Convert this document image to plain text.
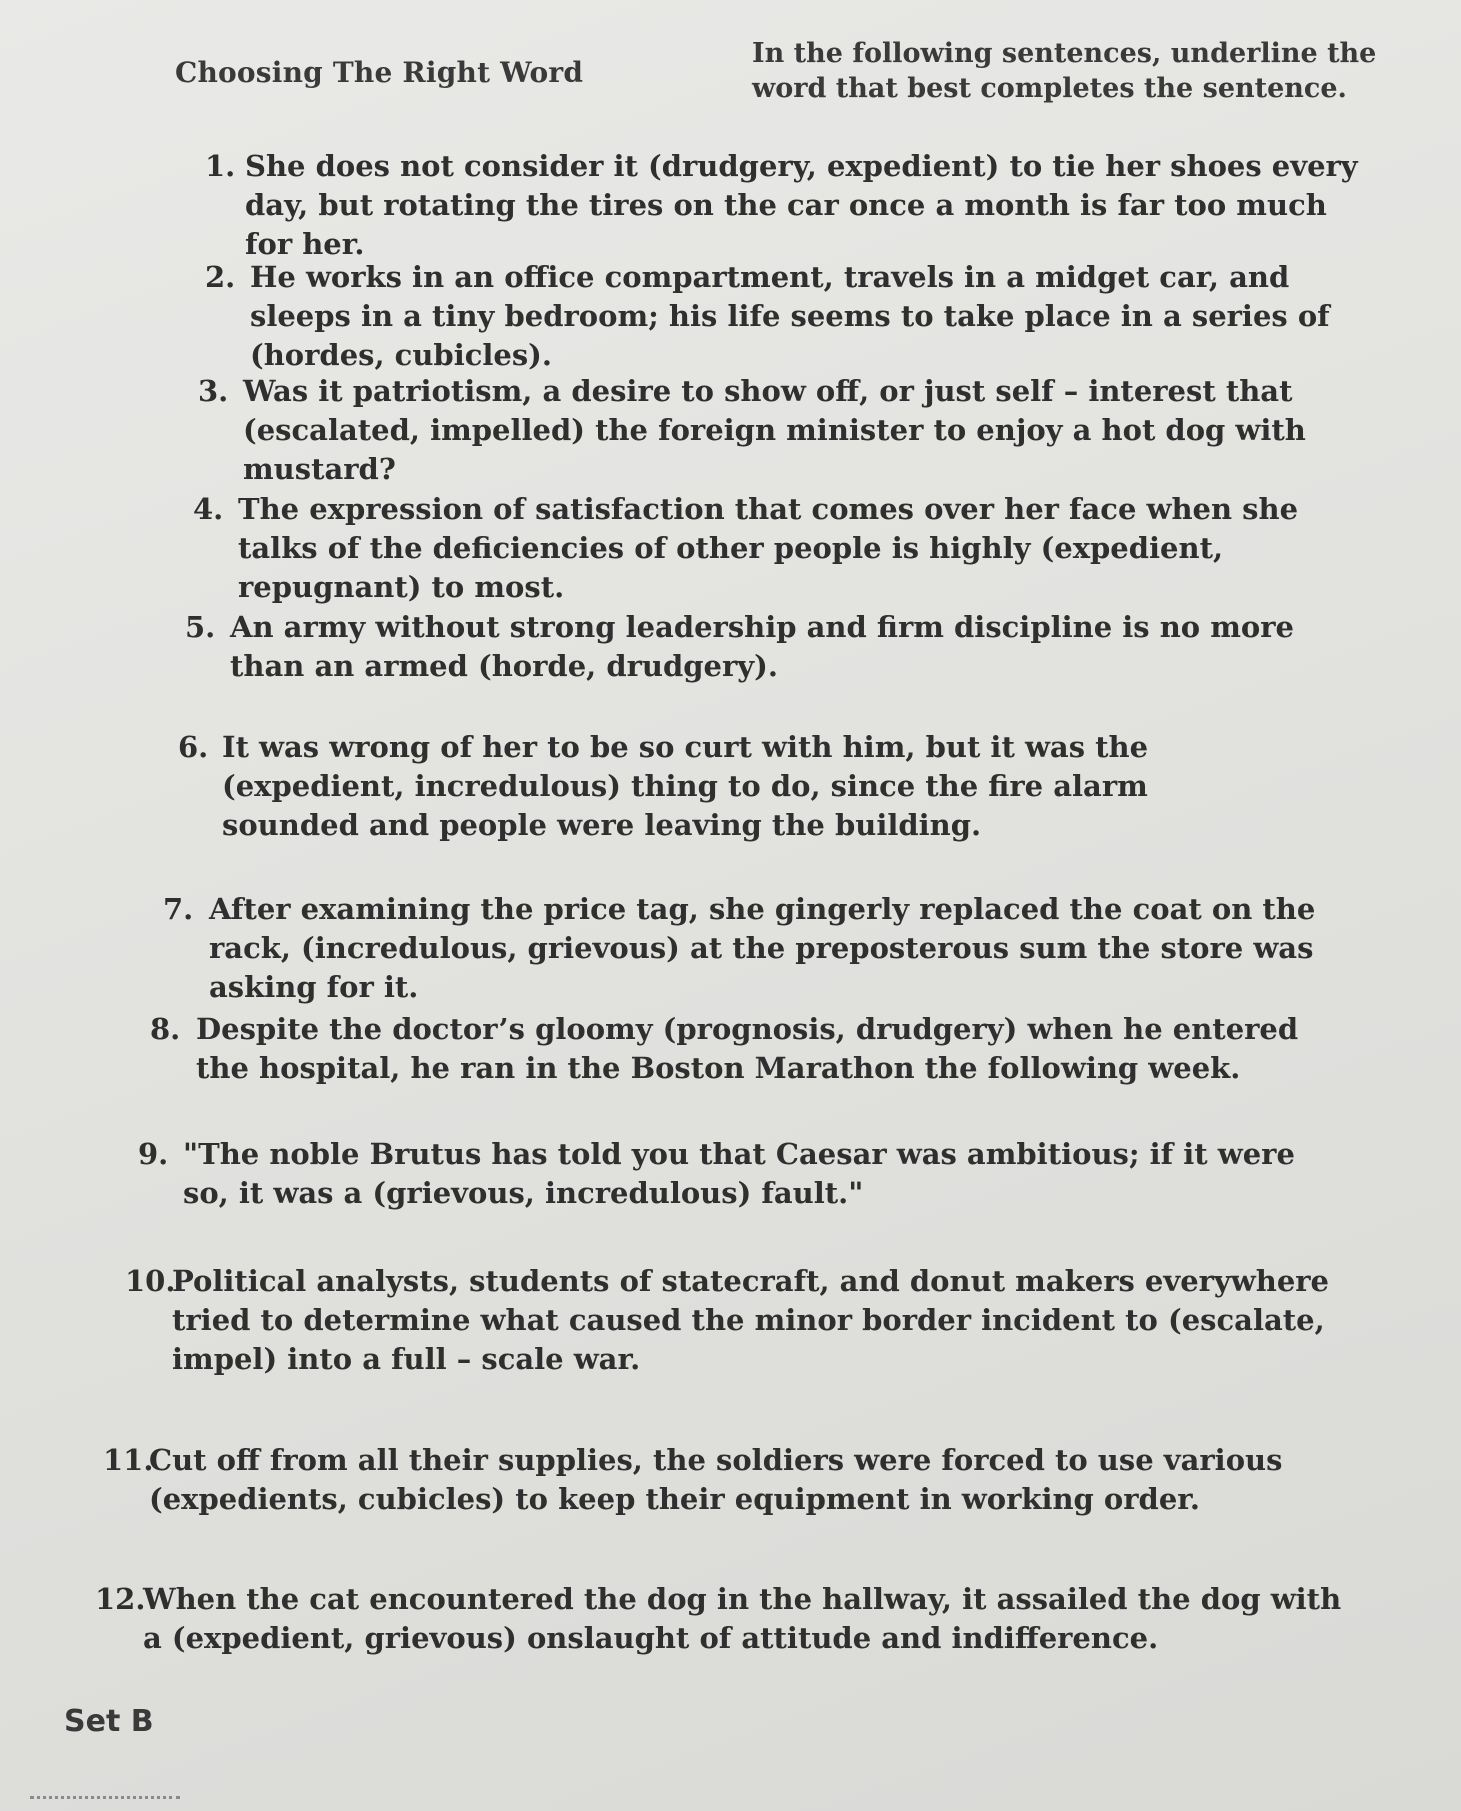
Choosing The Right Word
In the following sentences, underline the word that best completes the sentence.
1. She does not consider it (drudgery, expedient) to tie her shoes every day, but rotating the tires on the car once a month is far too much for her.
2. He works in an office compartment, travels in a midget car, and sleeps in a tiny bedroom; his life seems to take place in a series of (hordes, cubicles).
3. Was it patriotism, a desire to show off, or just self – interest that (escalated, impelled) the foreign minister to enjoy a hot dog with mustard?
4. The expression of satisfaction that comes over her face when she talks of the deficiencies of other people is highly (expedient, repugnant) to most.
5. An army without strong leadership and firm discipline is no more than an armed (horde, drudgery).
6. It was wrong of her to be so curt with him, but it was the (expedient, incredulous) thing to do, since the fire alarm sounded and people were leaving the building.
7. After examining the price tag, she gingerly replaced the coat on the rack, (incredulous, grievous) at the preposterous sum the store was asking for it.
8. Despite the doctor’s gloomy (prognosis, drudgery) when he entered the hospital, he ran in the Boston Marathon the following week.
9. "The noble Brutus has told you that Caesar was ambitious; if it were so, it was a (grievous, incredulous) fault."
10.
Political analysts, students of statecraft, and donut makers everywhere tried to determine what caused the minor border incident to (escalate, impel) into a full – scale war.
11.
Cut off from all their supplies, the soldiers were forced to use various (expedients, cubicles) to keep their equipment in working order.
12.
When the cat encountered the dog in the hallway, it assailed the dog with a (expedient, grievous) onslaught of attitude and indifference.
Set B
